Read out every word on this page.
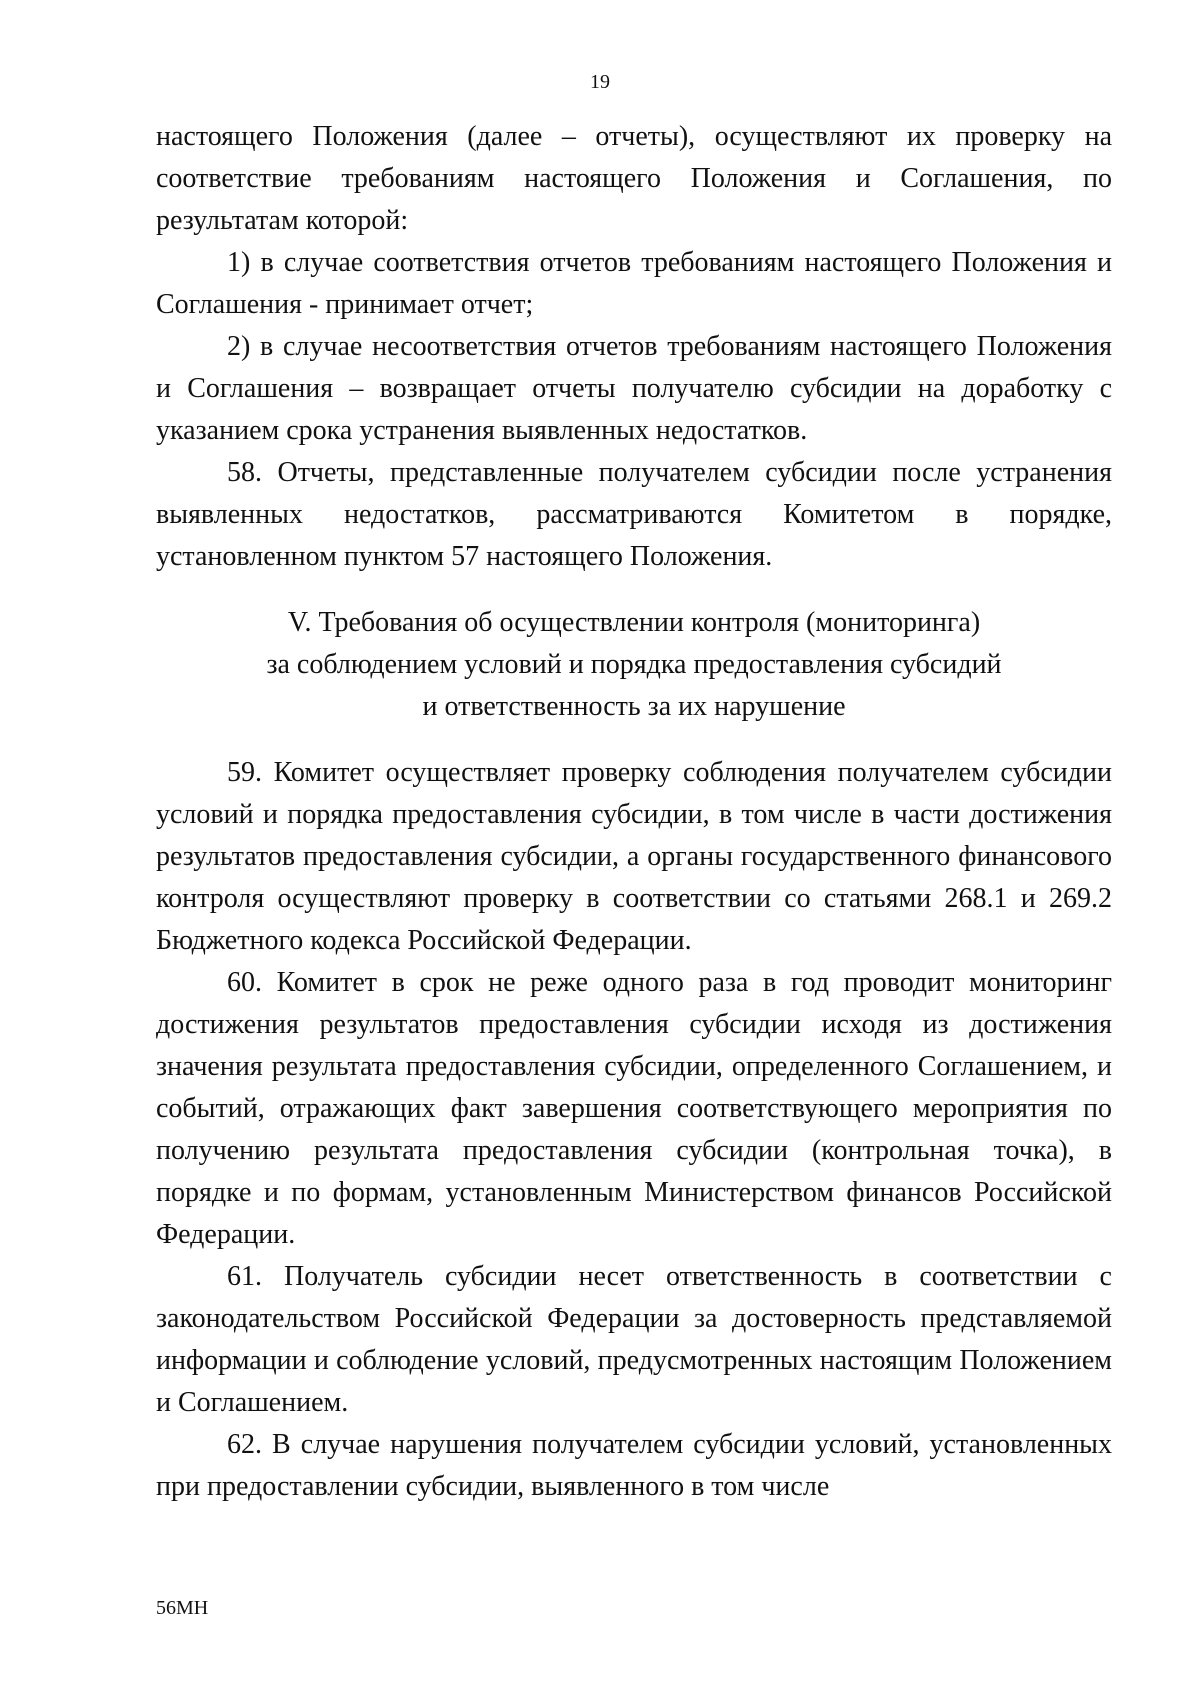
19

настоящего Положения (далее – отчеты), осуществляют их проверку на соответствие требованиям настоящего Положения и Соглашения, по результатам которой:

1) в случае соответствия отчетов требованиям настоящего Положения и Соглашения - принимает отчет;

2) в случае несоответствия отчетов требованиям настоящего Положения и Соглашения – возвращает отчеты получателю субсидии на доработку с указанием срока устранения выявленных недостатков.

58. Отчеты, представленные получателем субсидии после устранения выявленных недостатков, рассматриваются Комитетом в порядке, установленном пунктом 57 настоящего Положения.

V. Требования об осуществлении контроля (мониторинга)
за соблюдением условий и порядка предоставления субсидий
и ответственность за их нарушение

59. Комитет осуществляет проверку соблюдения получателем субсидии условий и порядка предоставления субсидии, в том числе в части достижения результатов предоставления субсидии, а органы государственного финансового контроля осуществляют проверку в соответствии со статьями 268.1 и 269.2 Бюджетного кодекса Российской Федерации.

60. Комитет в срок не реже одного раза в год проводит мониторинг достижения результатов предоставления субсидии исходя из достижения значения результата предоставления субсидии, определенного Соглашением, и событий, отражающих факт завершения соответствующего мероприятия по получению результата предоставления субсидии (контрольная точка), в порядке и по формам, установленным Министерством финансов Российской Федерации.

61. Получатель субсидии несет ответственность в соответствии с законодательством Российской Федерации за достоверность представляемой информации и соблюдение условий, предусмотренных настоящим Положением и Соглашением.

62. В случае нарушения получателем субсидии условий, установленных при предоставлении субсидии, выявленного в том числе

56МН
